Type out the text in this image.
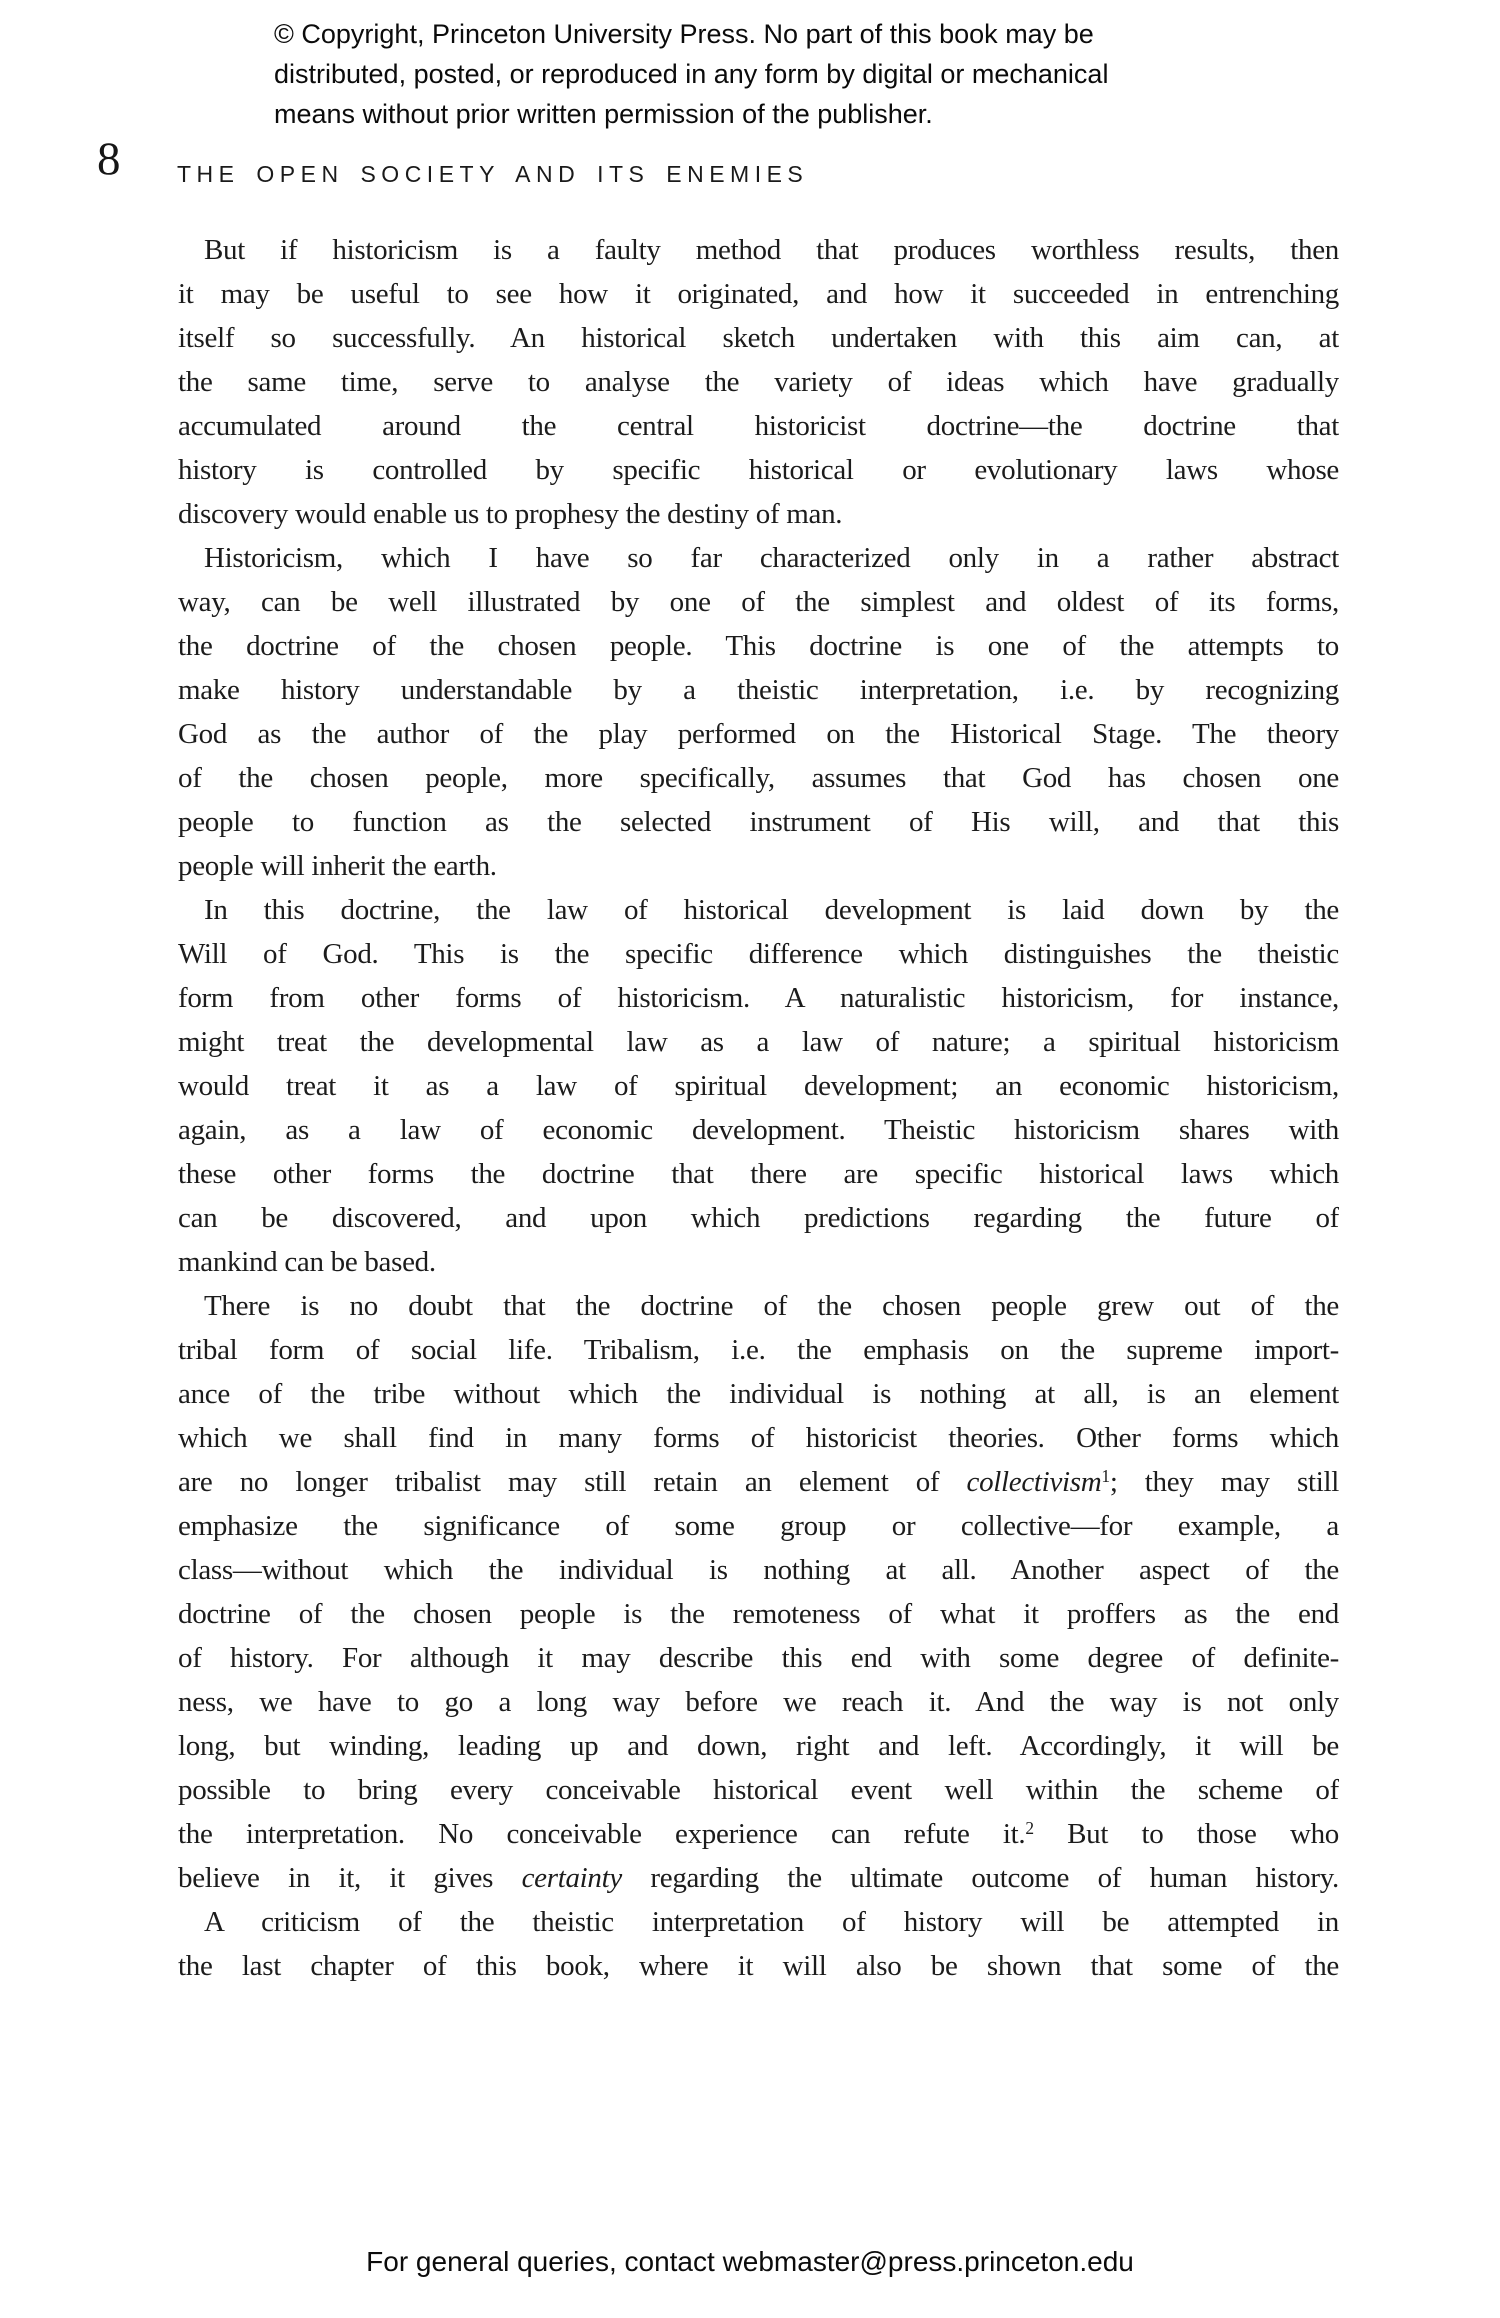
© Copyright, Princeton University Press. No part of this book may be
distributed, posted, or reproduced in any form by digital or mechanical
means without prior written permission of the publisher.
8 THE OPEN SOCIETY AND ITS ENEMIES
But if historicism is a faulty method that produces worthless results, then
it may be useful to see how it originated, and how it succeeded in entrenching
itself so successfully. An historical sketch undertaken with this aim can, at
the same time, serve to analyse the variety of ideas which have gradually
accumulated around the central historicist doctrine—the doctrine that
history is controlled by specific historical or evolutionary laws whose
discovery would enable us to prophesy the destiny of man.
Historicism, which I have so far characterized only in a rather abstract
way, can be well illustrated by one of the simplest and oldest of its forms,
the doctrine of the chosen people. This doctrine is one of the attempts to
make history understandable by a theistic interpretation, i.e. by recognizing
God as the author of the play performed on the Historical Stage. The theory
of the chosen people, more specifically, assumes that God has chosen one
people to function as the selected instrument of His will, and that this
people will inherit the earth.
In this doctrine, the law of historical development is laid down by the
Will of God. This is the specific difference which distinguishes the theistic
form from other forms of historicism. A naturalistic historicism, for instance,
might treat the developmental law as a law of nature; a spiritual historicism
would treat it as a law of spiritual development; an economic historicism,
again, as a law of economic development. Theistic historicism shares with
these other forms the doctrine that there are specific historical laws which
can be discovered, and upon which predictions regarding the future of
mankind can be based.
There is no doubt that the doctrine of the chosen people grew out of the
tribal form of social life. Tribalism, i.e. the emphasis on the supreme import-
ance of the tribe without which the individual is nothing at all, is an element
which we shall find in many forms of historicist theories. Other forms which
are no longer tribalist may still retain an element of collectivism$^1$; they may still
emphasize the significance of some group or collective—for example, a
class—without which the individual is nothing at all. Another aspect of the
doctrine of the chosen people is the remoteness of what it proffers as the end
of history. For although it may describe this end with some degree of definite-
ness, we have to go a long way before we reach it. And the way is not only
long, but winding, leading up and down, right and left. Accordingly, it will be
possible to bring every conceivable historical event well within the scheme of
the interpretation. No conceivable experience can refute it.$^2$ But to those who
believe in it, it gives certainty regarding the ultimate outcome of human history.
A criticism of the theistic interpretation of history will be attempted in
the last chapter of this book, where it will also be shown that some of the
For general queries, contact webmaster@press.princeton.edu
